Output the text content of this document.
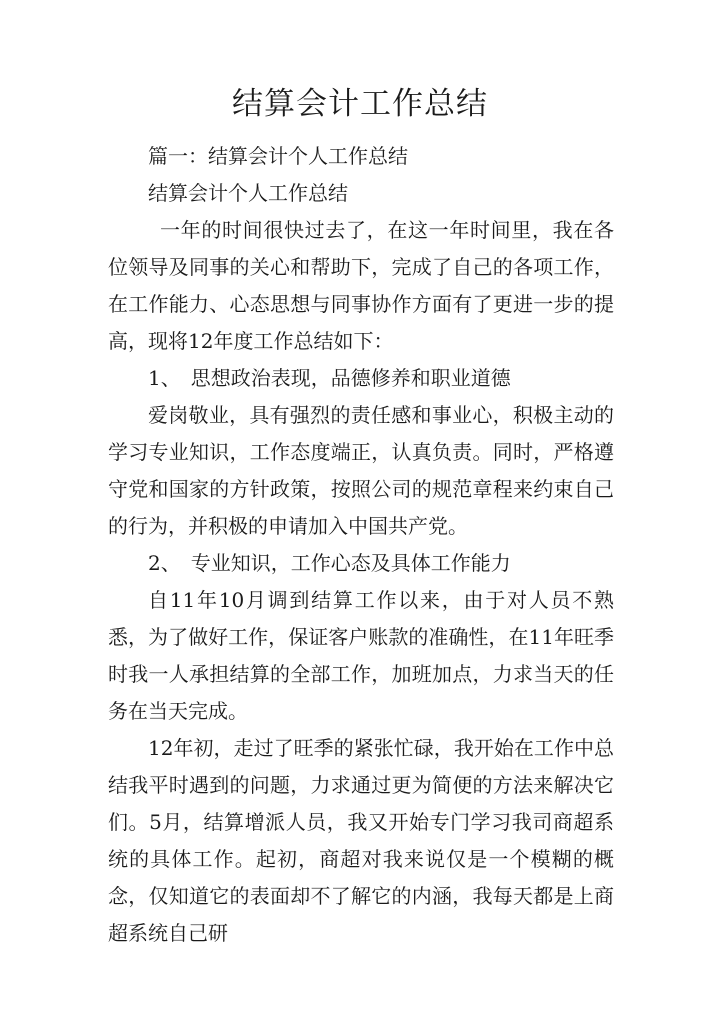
结算会计工作总结

篇一：结算会计个人工作总结

结算会计个人工作总结

一年的时间很快过去了，在这一年时间里，我在各位领导及同事的关心和帮助下，完成了自己的各项工作，在工作能力、心态思想与同事协作方面有了更进一步的提高，现将12年度工作总结如下：

1、　思想政治表现，品德修养和职业道德

爱岗敬业，具有强烈的责任感和事业心，积极主动的学习专业知识，工作态度端正，认真负责。同时，严格遵守党和国家的方针政策，按照公司的规范章程来约束自己的行为，并积极的申请加入中国共产党。

2、　专业知识，工作心态及具体工作能力

自11年10月调到结算工作以来，由于对人员不熟悉，为了做好工作，保证客户账款的准确性，在11年旺季时我一人承担结算的全部工作，加班加点，力求当天的任务在当天完成。

12年初，走过了旺季的紧张忙碌，我开始在工作中总结我平时遇到的问题，力求通过更为简便的方法来解决它们。5月，结算增派人员，我又开始专门学习我司商超系统的具体工作。起初，商超对我来说仅是一个模糊的概念，仅知道它的表面却不了解它的内涵，我每天都是上商超系统自己研
